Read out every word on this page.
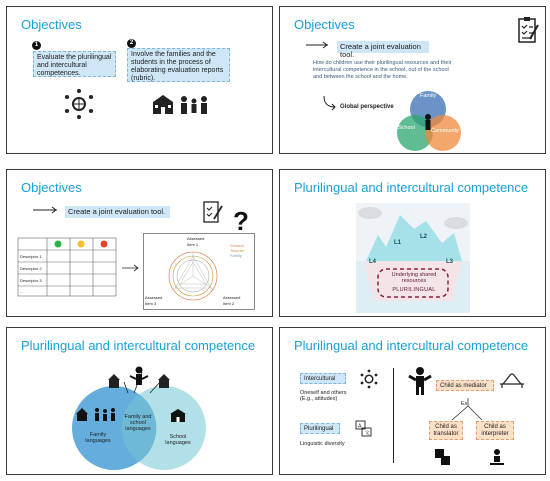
Objectives
1
Evaluate the plurilingual and intercultural competences.
2
Involve the families and the students in the process of elaborating evaluation reports (rubric).
Objectives
Create a joint evaluation tool.
How do children use their plurilingual resources and their intercultural competence in the school, out of the school and between the school and the home.
Global perspective
Family
School	Community
Objectives
Create a joint evaluation tool.	?
Descriptor 1
Descriptor 2
Descriptor 3
...
Assessed Item 1
Assessed Item 3
Assessed Item 2
Student
Teacher
Family
Plurilingual and intercultural competence
L1
L2
L4	L3
Underlying shared resources
PLURILINGUAL
Plurilingual and intercultural competence
Family languages
Family and school languages
School languages
Plurilingual and intercultural competence
Intercultural
Oneself and others (E.g., attitudes)
Plurilingual	A
文
Linguistic diversity
Child as mediator
Ex.
Child as translator
Child as interpreter
